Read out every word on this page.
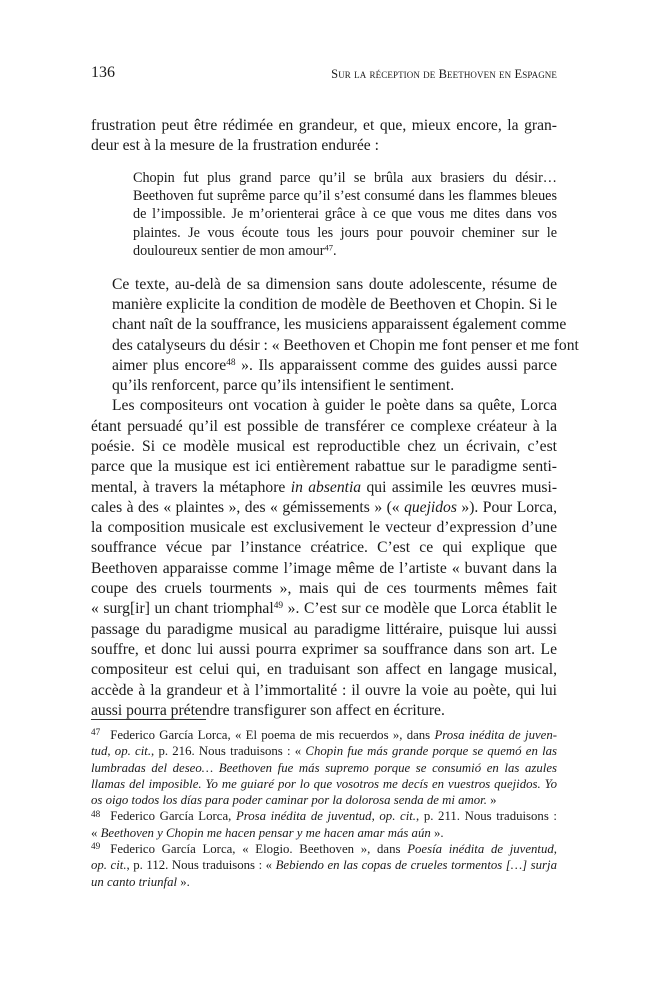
136	Sur la réception de Beethoven en Espagne

frustration peut être rédimée en grandeur, et que, mieux encore, la gran-
deur est à la mesure de la frustration endurée :

Chopin fut plus grand parce qu’il se brûla aux brasiers du désir…
Beethoven fut suprême parce qu’il s’est consumé dans les flammes bleues
de l’impossible. Je m’orienterai grâce à ce que vous me dites dans vos
plaintes. Je vous écoute tous les jours pour pouvoir cheminer sur le
douloureux sentier de mon amour$^{47}$.

Ce texte, au-delà de sa dimension sans doute adolescente, résume de
manière explicite la condition de modèle de Beethoven et Chopin. Si le
chant naît de la souffrance, les musiciens apparaissent également comme
des catalyseurs du désir : « Beethoven et Chopin me font penser et me font
aimer plus encore$^{48}$ ». Ils apparaissent comme des guides aussi parce
qu’ils renforcent, parce qu’ils intensifient le sentiment.

Les compositeurs ont vocation à guider le poète dans sa quête, Lorca
étant persuadé qu’il est possible de transférer ce complexe créateur à la
poésie. Si ce modèle musical est reproductible chez un écrivain, c’est
parce que la musique est ici entièrement rabattue sur le paradigme senti-
mental, à travers la métaphore in absentia qui assimile les œuvres musi-
cales à des « plaintes », des « gémissements » (« quejidos »). Pour Lorca,
la composition musicale est exclusivement le vecteur d’expression d’une
souffrance vécue par l’instance créatrice. C’est ce qui explique que
Beethoven apparaisse comme l’image même de l’artiste « buvant dans la
coupe des cruels tourments », mais qui de ces tourments mêmes fait
« surg[ir] un chant triomphal$^{49}$ ». C’est sur ce modèle que Lorca établit le
passage du paradigme musical au paradigme littéraire, puisque lui aussi
souffre, et donc lui aussi pourra exprimer sa souffrance dans son art. Le
compositeur est celui qui, en traduisant son affect en langage musical,
accède à la grandeur et à l’immortalité : il ouvre la voie au poète, qui lui
aussi pourra prétendre transfigurer son affect en écriture.

$^{47}$ Federico García Lorca, « El poema de mis recuerdos », dans Prosa inédita de juven-
tud, op. cit., p. 216. Nous traduisons : « Chopin fue más grande porque se quemó en las
lumbradas del deseo… Beethoven fue más supremo porque se consumió en las azules
llamas del imposible. Yo me guiaré por lo que vosotros me decís en vuestros quejidos. Yo
os oigo todos los días para poder caminar por la dolorosa senda de mi amor. »
$^{48}$ Federico García Lorca, Prosa inédita de juventud, op. cit., p. 211. Nous traduisons :
« Beethoven y Chopin me hacen pensar y me hacen amar más aún ».
$^{49}$ Federico García Lorca, « Elogio. Beethoven », dans Poesía inédita de juventud,
op. cit., p. 112. Nous traduisons : « Bebiendo en las copas de crueles tormentos […] surja
un canto triunfal ».
